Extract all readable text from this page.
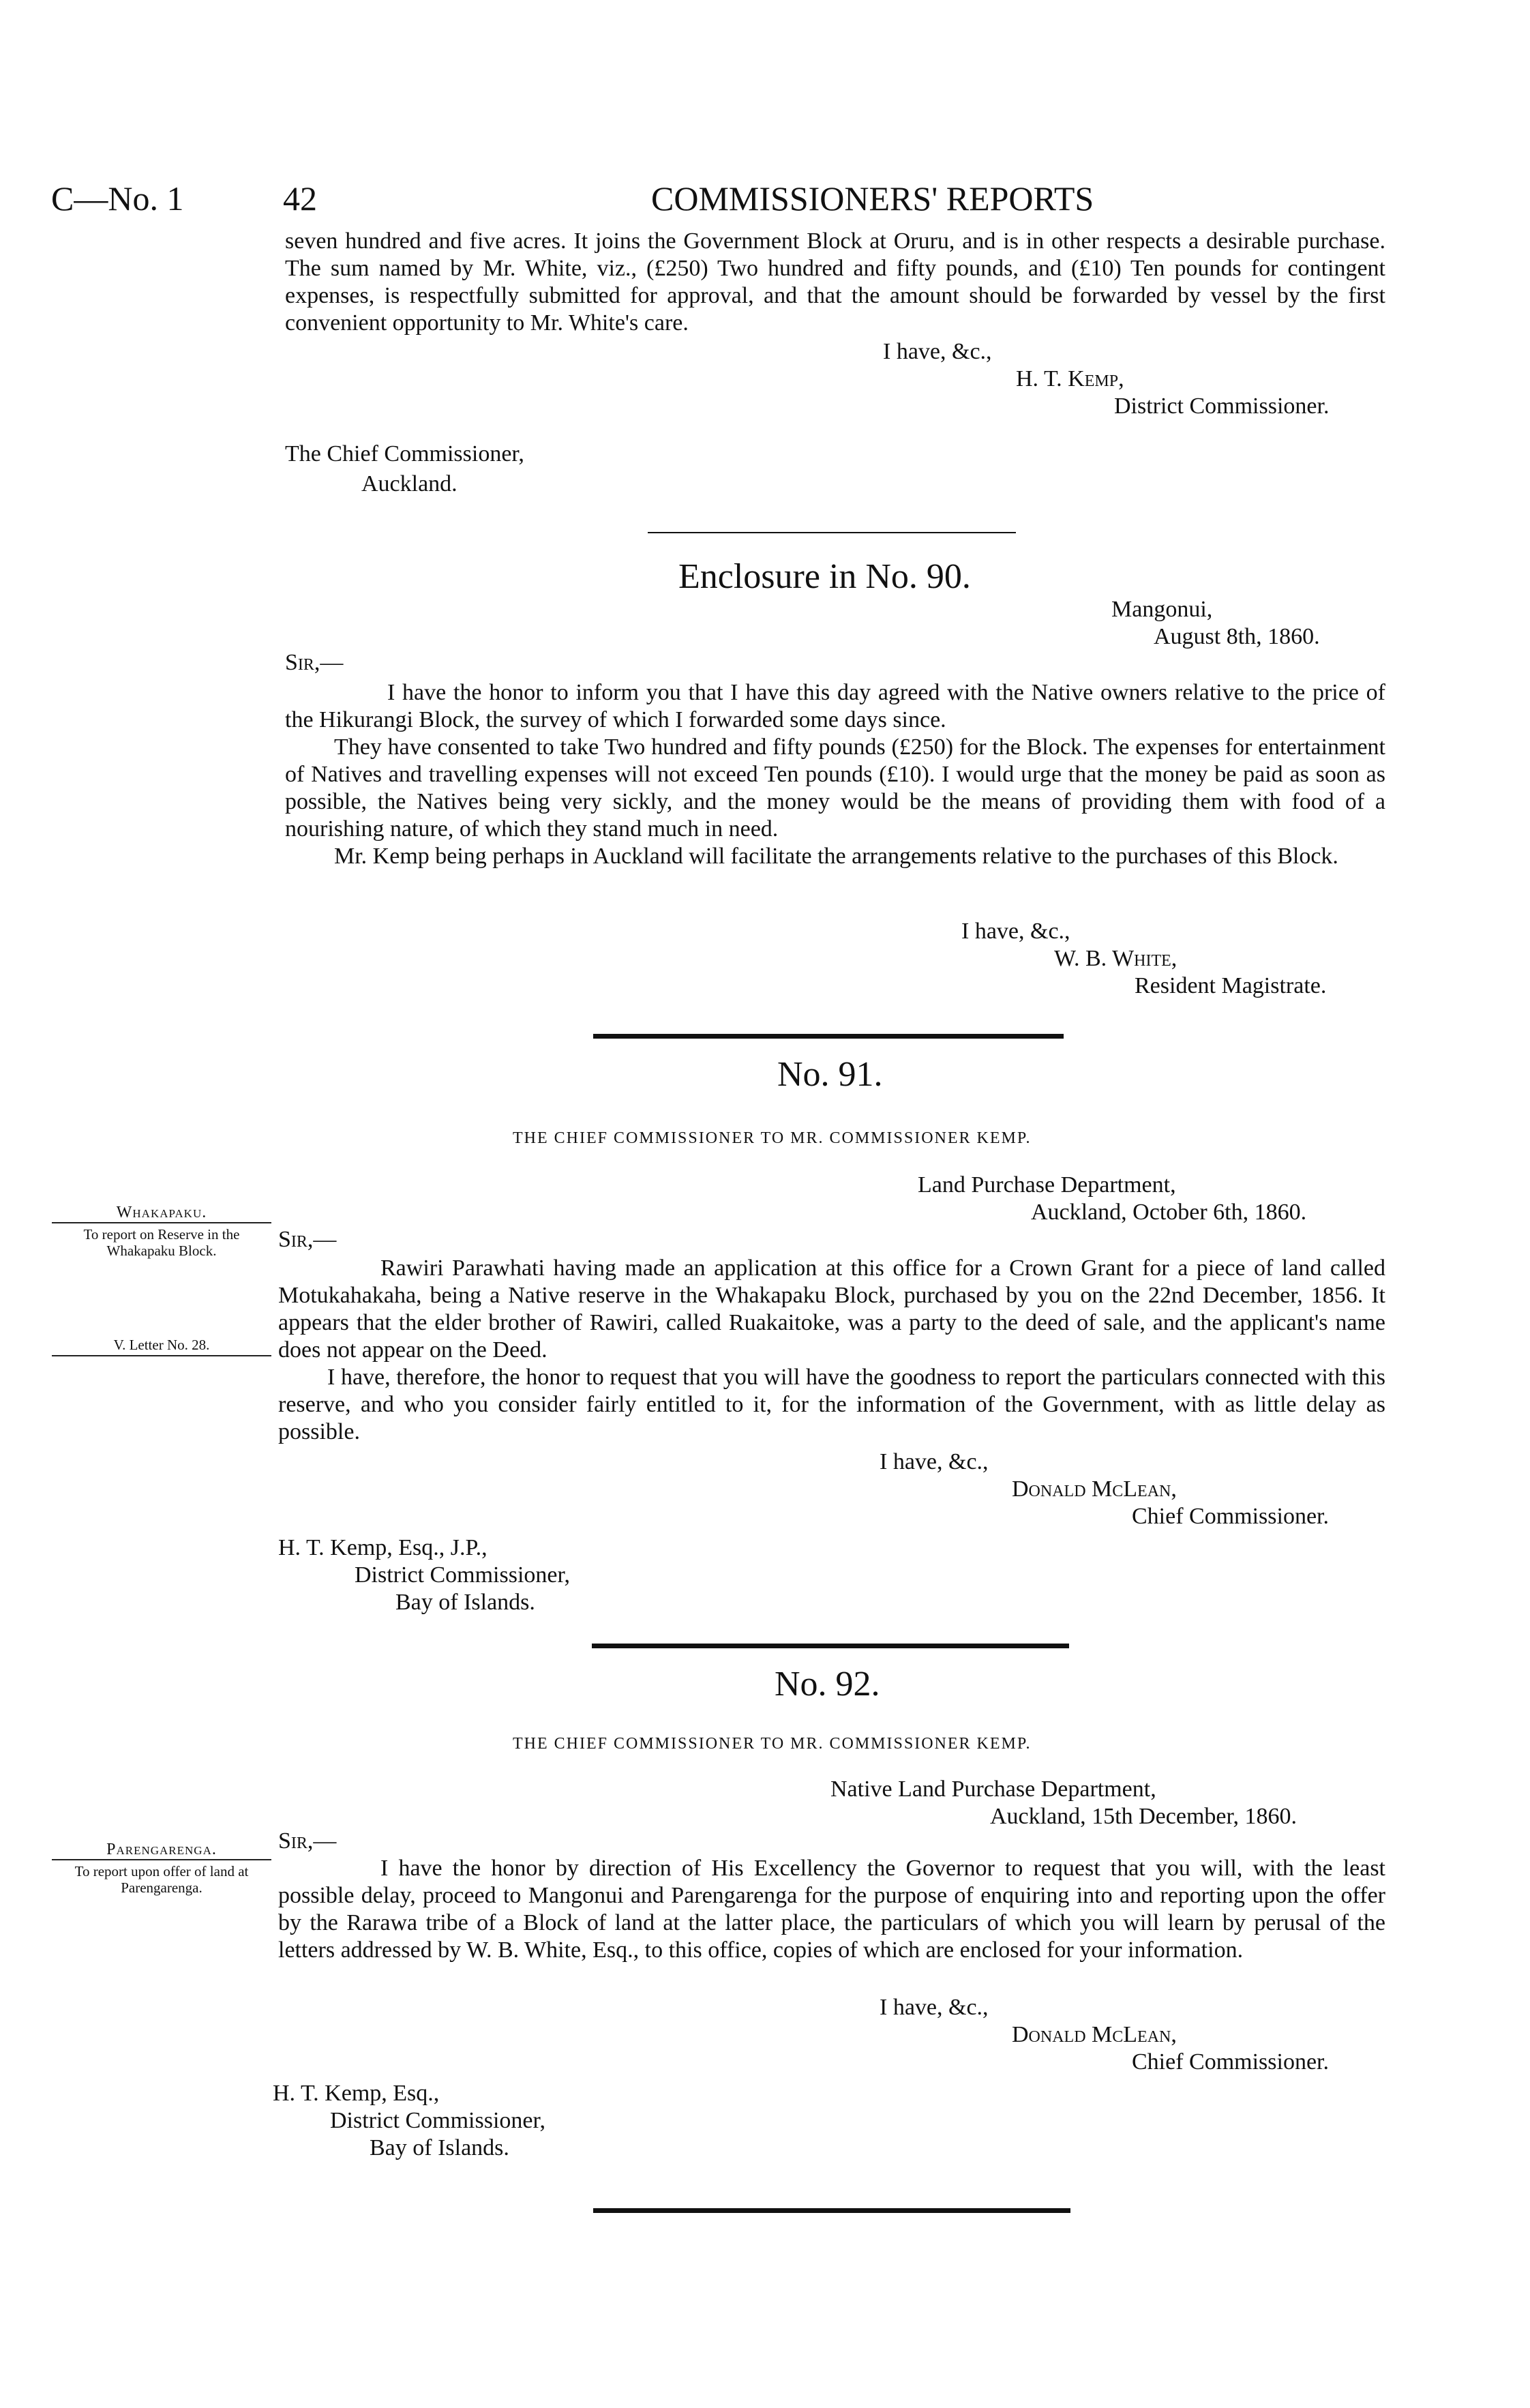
C—No. 1	42	COMMISSIONERS' REPORTS
seven hundred and five acres. It joins the Government Block at Oruru, and is in other respects a desirable purchase. The sum named by Mr. White, viz., (£250) Two hundred and fifty pounds, and (£10) Ten pounds for contingent expenses, is respectfully submitted for approval, and that the amount should be forwarded by vessel by the first convenient opportunity to Mr. White's care.
I have, &c.,
H. T. Kemp,
District Commissioner.
The Chief Commissioner,
Auckland.
Enclosure in No. 90.
Mangonui,
August 8th, 1860.
Sir,—

I have the honor to inform you that I have this day agreed with the Native owners relative to the price of the Hikurangi Block, the survey of which I forwarded some days since.

They have consented to take Two hundred and fifty pounds (£250) for the Block. The expenses for entertainment of Natives and travelling expenses will not exceed Ten pounds (£10). I would urge that the money be paid as soon as possible, the Natives being very sickly, and the money would be the means of providing them with food of a nourishing nature, of which they stand much in need.

Mr. Kemp being perhaps in Auckland will facilitate the arrangements relative to the purchases of this Block.

I have, &c.,
W. B. White,
Resident Magistrate.
No. 91.
THE CHIEF COMMISSIONER TO MR. COMMISSIONER KEMP.
Land Purchase Department,
Auckland, October 6th, 1860.
Whakapaku.
To report on Reserve in the Whakapaku Block.
V. Letter No. 28.
Sir,—

Rawiri Parawhati having made an application at this office for a Crown Grant for a piece of land called Motukahakaha, being a Native reserve in the Whakapaku Block, purchased by you on the 22nd December, 1856. It appears that the elder brother of Rawiri, called Ruakaitoke, was a party to the deed of sale, and the applicant's name does not appear on the Deed.

I have, therefore, the honor to request that you will have the goodness to report the particulars connected with this reserve, and who you consider fairly entitled to it, for the information of the Government, with as little delay as possible.

I have, &c.,
Donald McLean,
Chief Commissioner.
H. T. Kemp, Esq., J.P.,
District Commissioner,
Bay of Islands.
No. 92.
THE CHIEF COMMISSIONER TO MR. COMMISSIONER KEMP.
Native Land Purchase Department,
Auckland, 15th December, 1860.
Parengarenga.
To report upon offer of land at Parengarenga.
Sir,—
I have the honor by direction of His Excellency the Governor to request that you will, with the least possible delay, proceed to Mangonui and Parengarenga for the purpose of enquiring into and reporting upon the offer by the Rarawa tribe of a Block of land at the latter place, the particulars of which you will learn by perusal of the letters addressed by W. B. White, Esq., to this office, copies of which are enclosed for your information.
I have, &c.,
Donald McLean,
Chief Commissioner.
H. T. Kemp, Esq.,
District Commissioner,
Bay of Islands.
